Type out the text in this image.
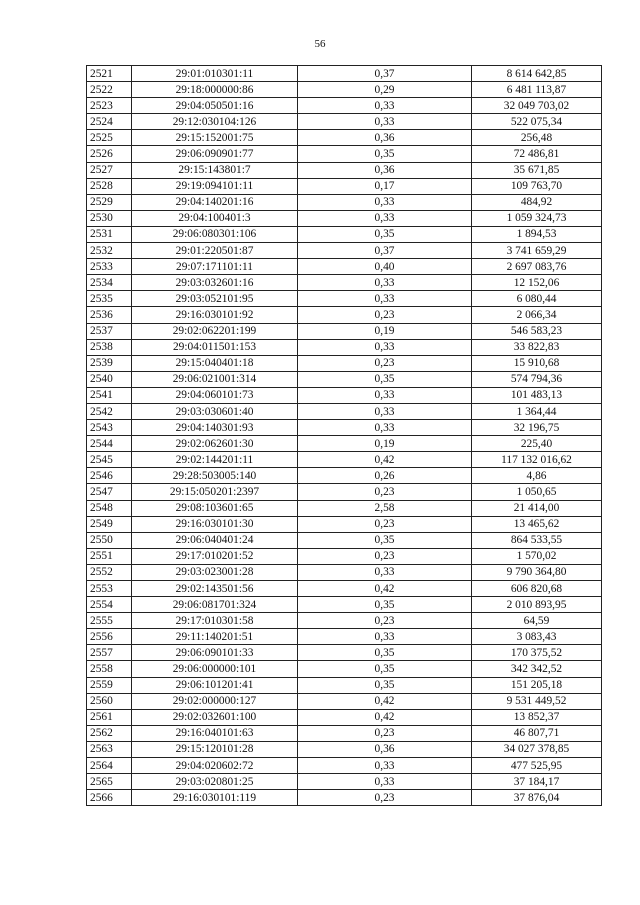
56
2521	29:01:010301:11	0,37	8 614 642,85
2522	29:18:000000:86	0,29	6 481 113,87
2523	29:04:050501:16	0,33	32 049 703,02
2524	29:12:030104:126	0,33	522 075,34
2525	29:15:152001:75	0,36	256,48
2526	29:06:090901:77	0,35	72 486,81
2527	29:15:143801:7	0,36	35 671,85
2528	29:19:094101:11	0,17	109 763,70
2529	29:04:140201:16	0,33	484,92
2530	29:04:100401:3	0,33	1 059 324,73
2531	29:06:080301:106	0,35	1 894,53
2532	29:01:220501:87	0,37	3 741 659,29
2533	29:07:171101:11	0,40	2 697 083,76
2534	29:03:032601:16	0,33	12 152,06
2535	29:03:052101:95	0,33	6 080,44
2536	29:16:030101:92	0,23	2 066,34
2537	29:02:062201:199	0,19	546 583,23
2538	29:04:011501:153	0,33	33 822,83
2539	29:15:040401:18	0,23	15 910,68
2540	29:06:021001:314	0,35	574 794,36
2541	29:04:060101:73	0,33	101 483,13
2542	29:03:030601:40	0,33	1 364,44
2543	29:04:140301:93	0,33	32 196,75
2544	29:02:062601:30	0,19	225,40
2545	29:02:144201:11	0,42	117 132 016,62
2546	29:28:503005:140	0,26	4,86
2547	29:15:050201:2397	0,23	1 050,65
2548	29:08:103601:65	2,58	21 414,00
2549	29:16:030101:30	0,23	13 465,62
2550	29:06:040401:24	0,35	864 533,55
2551	29:17:010201:52	0,23	1 570,02
2552	29:03:023001:28	0,33	9 790 364,80
2553	29:02:143501:56	0,42	606 820,68
2554	29:06:081701:324	0,35	2 010 893,95
2555	29:17:010301:58	0,23	64,59
2556	29:11:140201:51	0,33	3 083,43
2557	29:06:090101:33	0,35	170 375,52
2558	29:06:000000:101	0,35	342 342,52
2559	29:06:101201:41	0,35	151 205,18
2560	29:02:000000:127	0,42	9 531 449,52
2561	29:02:032601:100	0,42	13 852,37
2562	29:16:040101:63	0,23	46 807,71
2563	29:15:120101:28	0,36	34 027 378,85
2564	29:04:020602:72	0,33	477 525,95
2565	29:03:020801:25	0,33	37 184,17
2566	29:16:030101:119	0,23	37 876,04
